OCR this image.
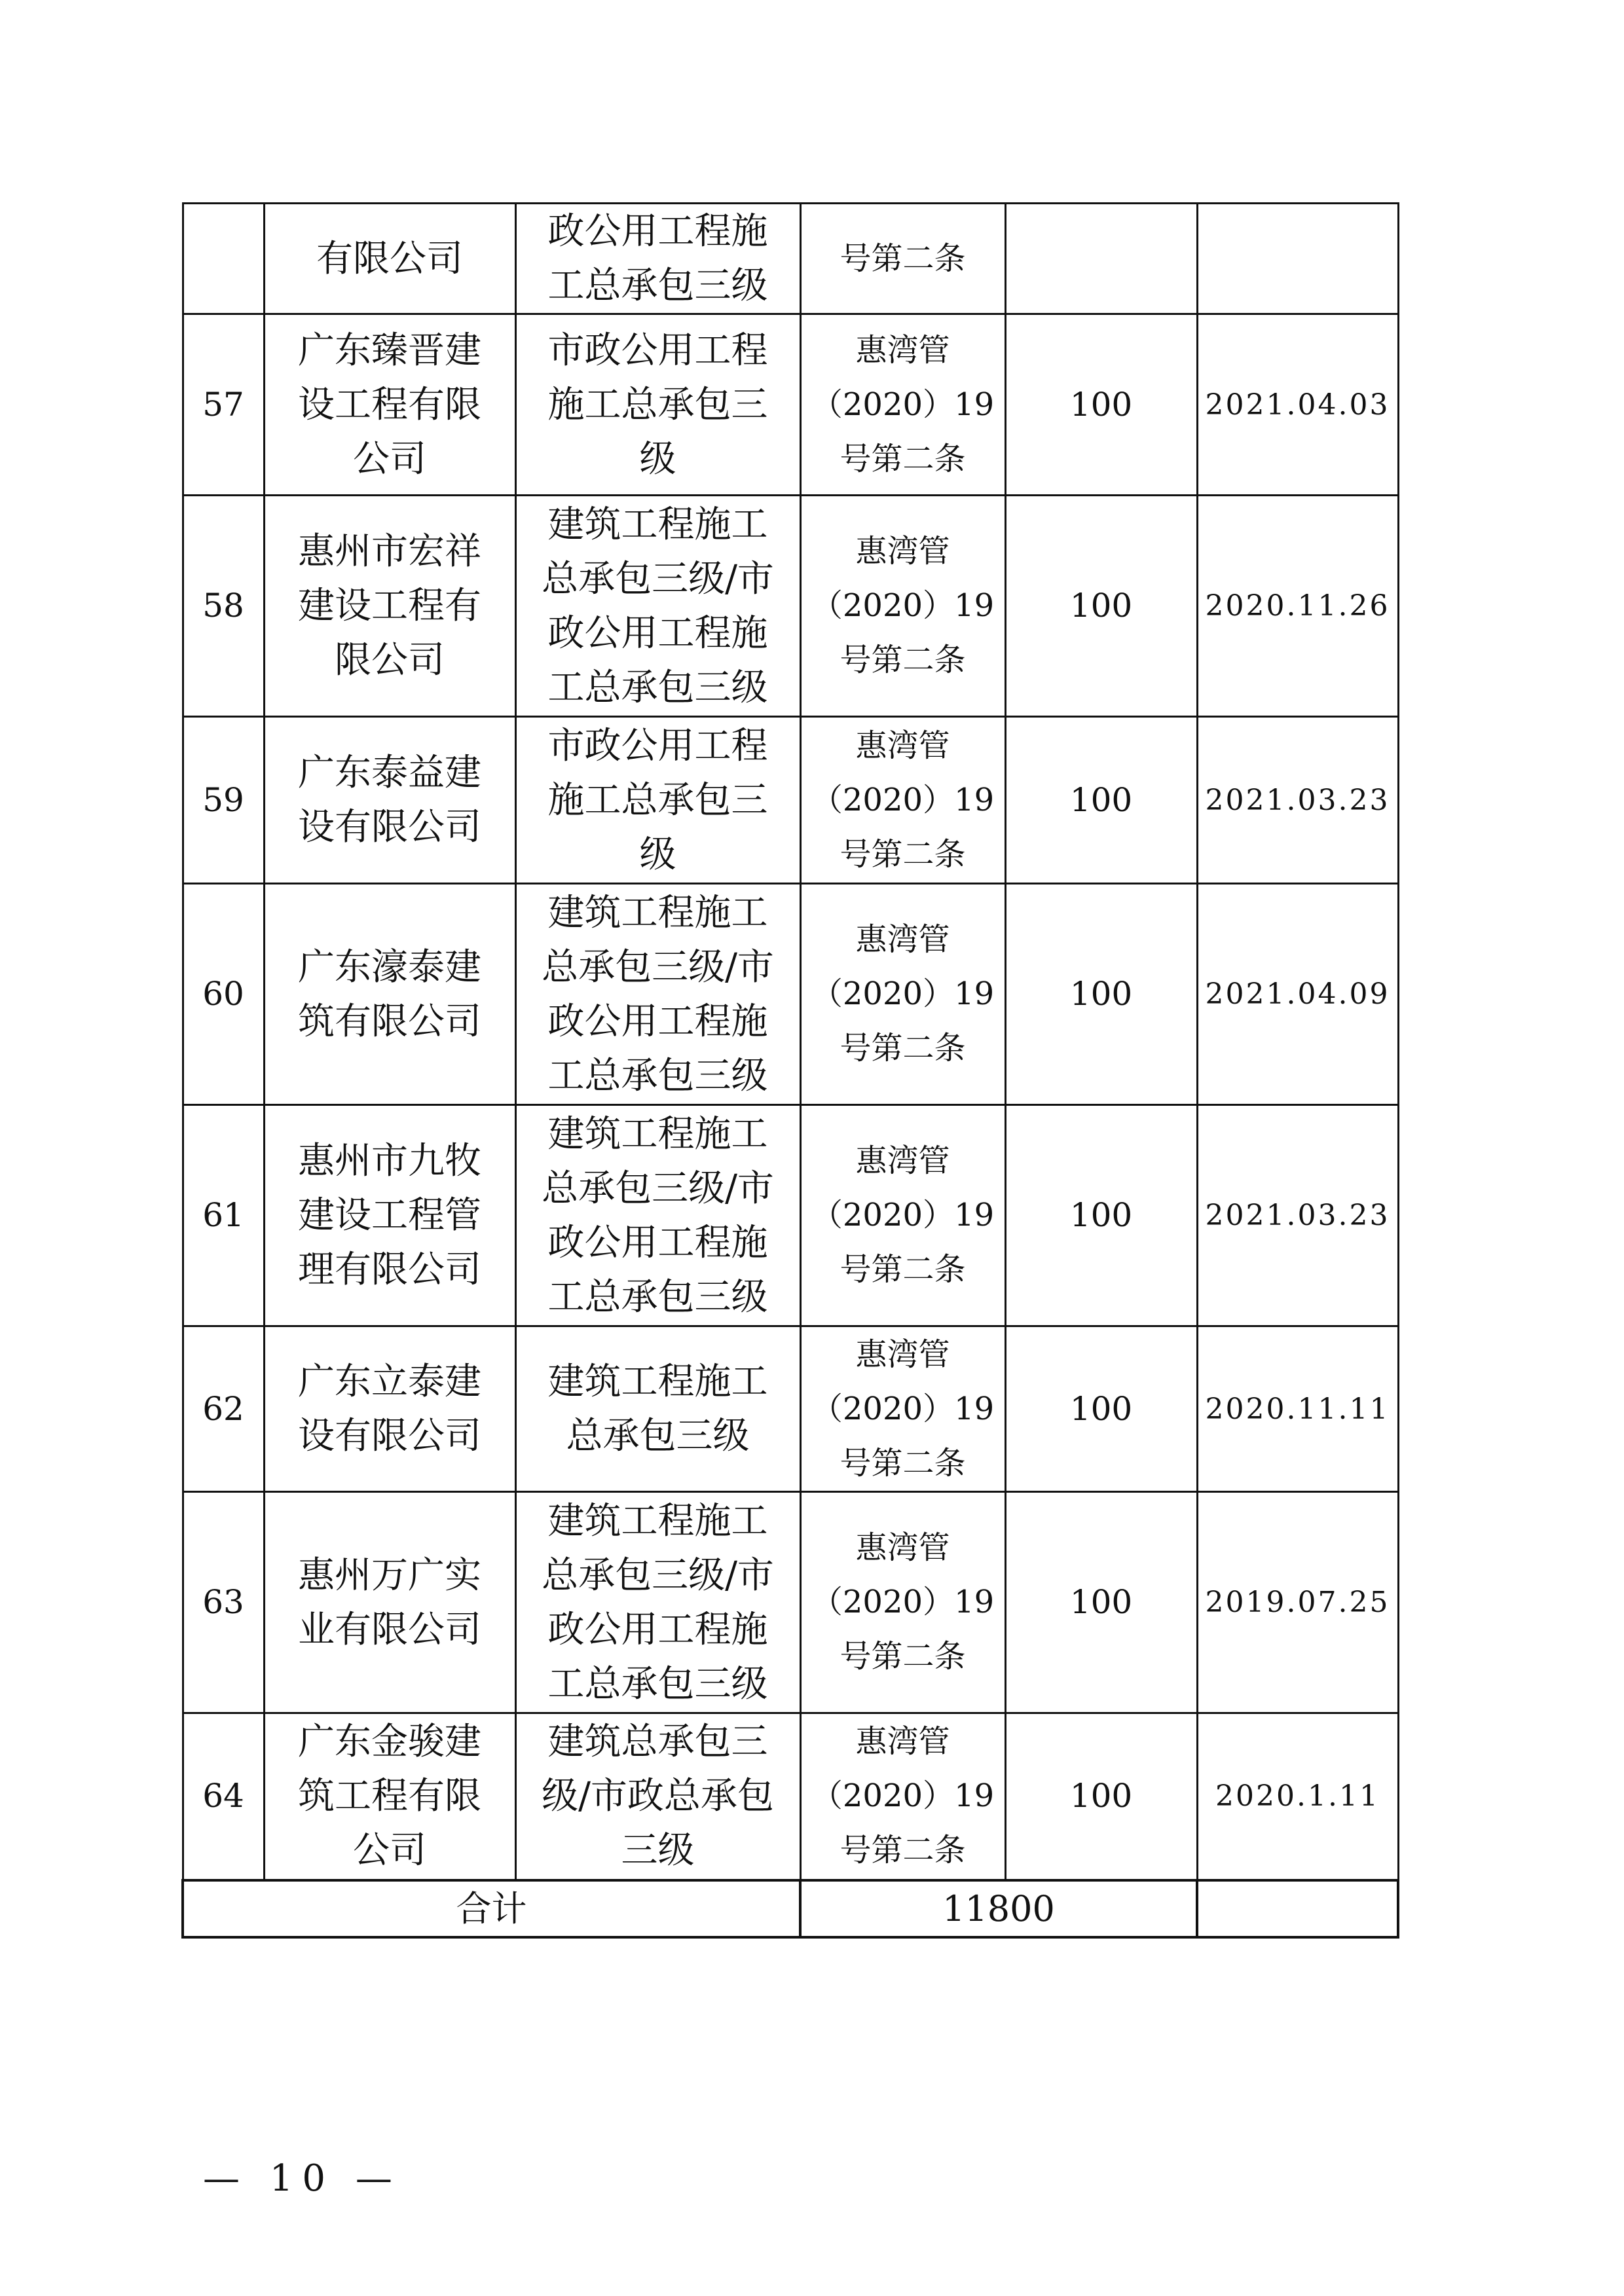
	有限公司	政公用工程施
工总承包三级	号第二条		
57	广东臻晋建
设工程有限
公司	市政公用工程
施工总承包三
级	惠湾管
（2020）19
号第二条	100	2021.04.03
58	惠州市宏祥
建设工程有
限公司	建筑工程施工
总承包三级/市
政公用工程施
工总承包三级	惠湾管
（2020）19
号第二条	100	2020.11.26
59	广东泰益建
设有限公司	市政公用工程
施工总承包三
级	惠湾管
（2020）19
号第二条	100	2021.03.23
60	广东濠泰建
筑有限公司	建筑工程施工
总承包三级/市
政公用工程施
工总承包三级	惠湾管
（2020）19
号第二条	100	2021.04.09
61	惠州市九牧
建设工程管
理有限公司	建筑工程施工
总承包三级/市
政公用工程施
工总承包三级	惠湾管
（2020）19
号第二条	100	2021.03.23
62	广东立泰建
设有限公司	建筑工程施工
总承包三级	惠湾管
（2020）19
号第二条	100	2020.11.11
63	惠州万广实
业有限公司	建筑工程施工
总承包三级/市
政公用工程施
工总承包三级	惠湾管
（2020）19
号第二条	100	2019.07.25
64	广东金骏建
筑工程有限
公司	建筑总承包三
级/市政总承包
三级	惠湾管
（2020）19
号第二条	100	2020.1.11
合计			11800		
— 10 —
